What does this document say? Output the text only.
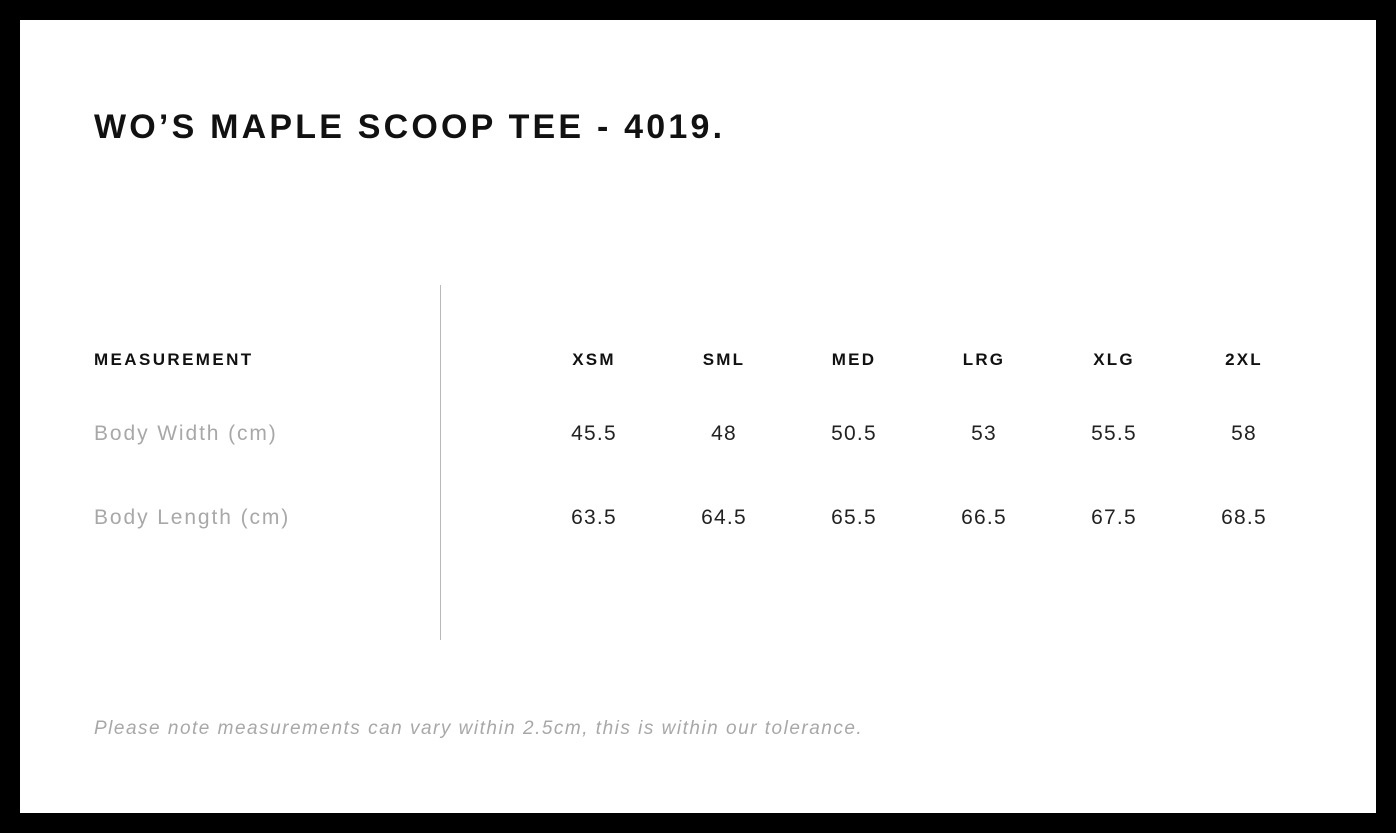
WO’S MAPLE SCOOP TEE - 4019.
MEASUREMENT	XSM	SML	MED	LRG	XLG	2XL
Body Width (cm)	45.5	48	50.5	53	55.5	58
Body Length (cm)	63.5	64.5	65.5	66.5	67.5	68.5
Please note measurements can vary within 2.5cm, this is within our tolerance.
